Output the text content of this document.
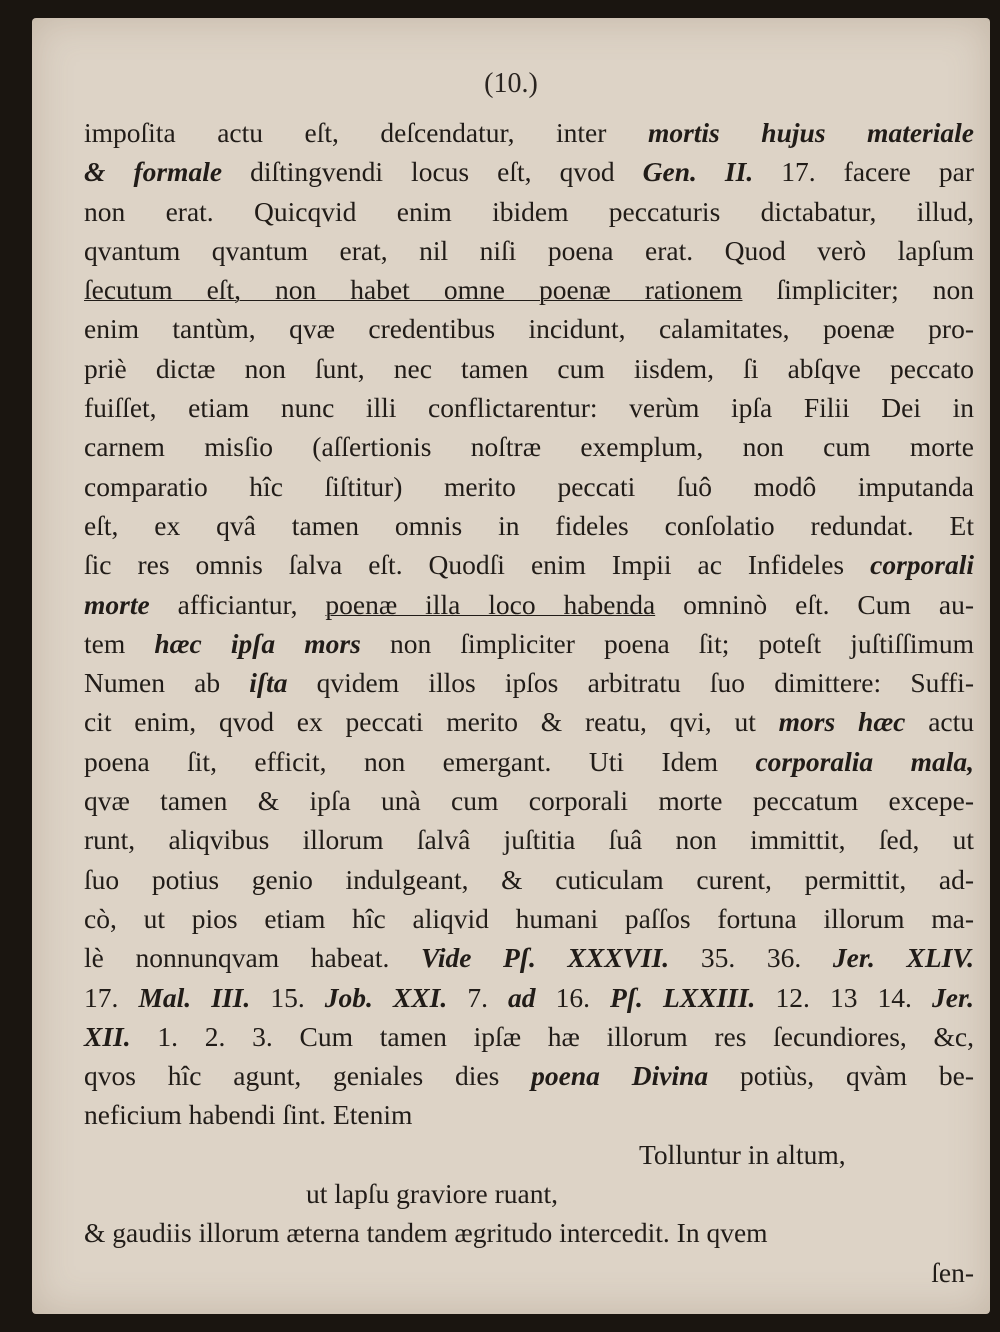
(10.)
impoſita actu eſt, deſcendatur, inter mortis hujus materiale
& formale diſtingvendi locus eſt, qvod Gen. II. 17. facere par
non erat. Quicqvid enim ibidem peccaturis dictabatur, illud,
qvantum qvantum erat, nil niſi poena erat. Quod verò lapſum
ſecutum eſt, non habet omne poenæ rationem ſimpliciter; non
enim tantùm, qvæ credentibus incidunt, calamitates, poenæ pro-
priè dictæ non ſunt, nec tamen cum iisdem, ſi abſqve peccato
fuiſſet, etiam nunc illi conflictarentur: verùm ipſa Filii Dei in
carnem misſio (aſſertionis noſtræ exemplum, non cum morte
comparatio hîc ſiſtitur) merito peccati ſuô modô imputanda
eſt, ex qvâ tamen omnis in fideles conſolatio redundat. Et
ſic res omnis ſalva eſt. Quodſi enim Impii ac Infideles corporali
morte afficiantur, poenæ illa loco habenda omninò eſt. Cum au-
tem hæc ipſa mors non ſimpliciter poena ſit; poteſt juſtiſſimum
Numen ab iſta qvidem illos ipſos arbitratu ſuo dimittere: Suffi-
cit enim, qvod ex peccati merito & reatu, qvi, ut mors hæc actu
poena ſit, efficit, non emergant. Uti Idem corporalia mala,
qvæ tamen & ipſa unà cum corporali morte peccatum excepe-
runt, aliqvibus illorum ſalvâ juſtitia ſuâ non immittit, ſed, ut
ſuo potius genio indulgeant, & cuticulam curent, permittit, ad-
cò, ut pios etiam hîc aliqvid humani paſſos fortuna illorum ma-
lè nonnunqvam habeat. Vide Pſ. XXXVII. 35. 36. Jer. XLIV.
17. Mal. III. 15. Job. XXI. 7. ad 16. Pſ. LXXIII. 12. 13 14. Jer.
XII. 1. 2. 3. Cum tamen ipſæ hæ illorum res ſecundiores, &c,
qvos hîc agunt, geniales dies poena Divina potiùs, qvàm be-
neficium habendi ſint. Etenim
Tolluntur in altum,
ut lapſu graviore ruant,
& gaudiis illorum æterna tandem ægritudo intercedit. In qvem
ſen-
